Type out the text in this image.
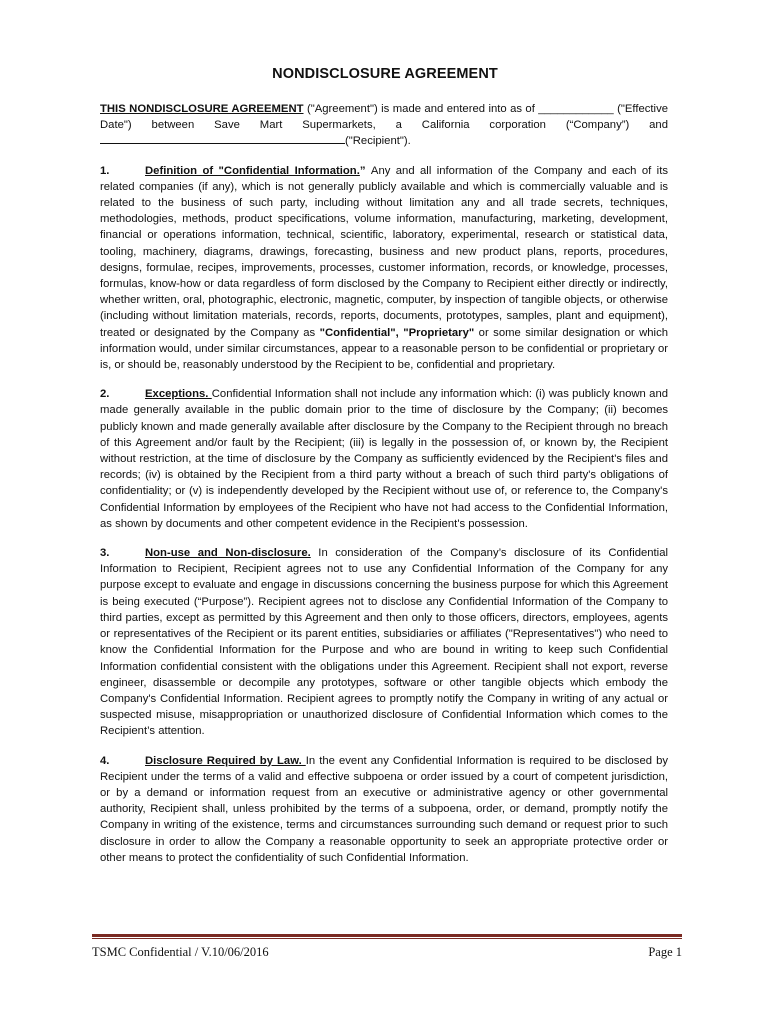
NONDISCLOSURE AGREEMENT

THIS NONDISCLOSURE AGREEMENT ("Agreement") is made and entered into as of ____________ ("Effective Date") between Save Mart Supermarkets, a California corporation (“Company”) and ("Recipient").

1.	Definition of "Confidential Information.” Any and all information of the Company and each of its related companies (if any), which is not generally publicly available and which is commercially valuable and is related to the business of such party, including without limitation any and all trade secrets, techniques, methodologies, methods, product specifications, volume information, manufacturing, marketing, development, financial or operations information, technical, scientific, laboratory, experimental, research or statistical data, tooling, machinery, diagrams, drawings, forecasting, business and new product plans, reports, procedures, designs, formulae, recipes, improvements, processes, customer information, records, or knowledge, processes, formulas, know-how or data regardless of form disclosed by the Company to Recipient either directly or indirectly, whether written, oral, photographic, electronic, magnetic, computer, by inspection of tangible objects, or otherwise (including without limitation materials, records, reports, documents, prototypes, samples, plant and equipment), treated or designated by the Company as "Confidential", "Proprietary" or some similar designation or which information would, under similar circumstances, appear to a reasonable person to be confidential or proprietary or is, or should be, reasonably understood by the Recipient to be, confidential and proprietary.

2.	Exceptions. Confidential Information shall not include any information which: (i) was publicly known and made generally available in the public domain prior to the time of disclosure by the Company; (ii) becomes publicly known and made generally available after disclosure by the Company to the Recipient through no breach of this Agreement and/or fault by the Recipient; (iii) is legally in the possession of, or known by, the Recipient without restriction, at the time of disclosure by the Company as sufficiently evidenced by the Recipient's files and records; (iv) is obtained by the Recipient from a third party without a breach of such third party's obligations of confidentiality; or (v) is independently developed by the Recipient without use of, or reference to, the Company's Confidential Information by employees of the Recipient who have not had access to the Confidential Information, as shown by documents and other competent evidence in the Recipient's possession.

3.	Non-use and Non-disclosure. In consideration of the Company’s disclosure of its Confidential Information to Recipient, Recipient agrees not to use any Confidential Information of the Company for any purpose except to evaluate and engage in discussions concerning the business purpose for which this Agreement is being executed (“Purpose”). Recipient agrees not to disclose any Confidential Information of the Company to third parties, except as permitted by this Agreement and then only to those officers, directors, employees, agents or representatives of the Recipient or its parent entities, subsidiaries or affiliates ("Representatives") who need to know the Confidential Information for the Purpose and who are bound in writing to keep such Confidential Information confidential consistent with the obligations under this Agreement. Recipient shall not export, reverse engineer, disassemble or decompile any prototypes, software or other tangible objects which embody the Company's Confidential Information. Recipient agrees to promptly notify the Company in writing of any actual or suspected misuse, misappropriation or unauthorized disclosure of Confidential Information which comes to the Recipient’s attention.

4.	Disclosure Required by Law. In the event any Confidential Information is required to be disclosed by Recipient under the terms of a valid and effective subpoena or order issued by a court of competent jurisdiction, or by a demand or information request from an executive or administrative agency or other governmental authority, Recipient shall, unless prohibited by the terms of a subpoena, order, or demand, promptly notify the Company in writing of the existence, terms and circumstances surrounding such demand or request prior to such disclosure in order to allow the Company a reasonable opportunity to seek an appropriate protective order or other means to protect the confidentiality of such Confidential Information.

TSMC Confidential / V.10/06/2016	Page 1
